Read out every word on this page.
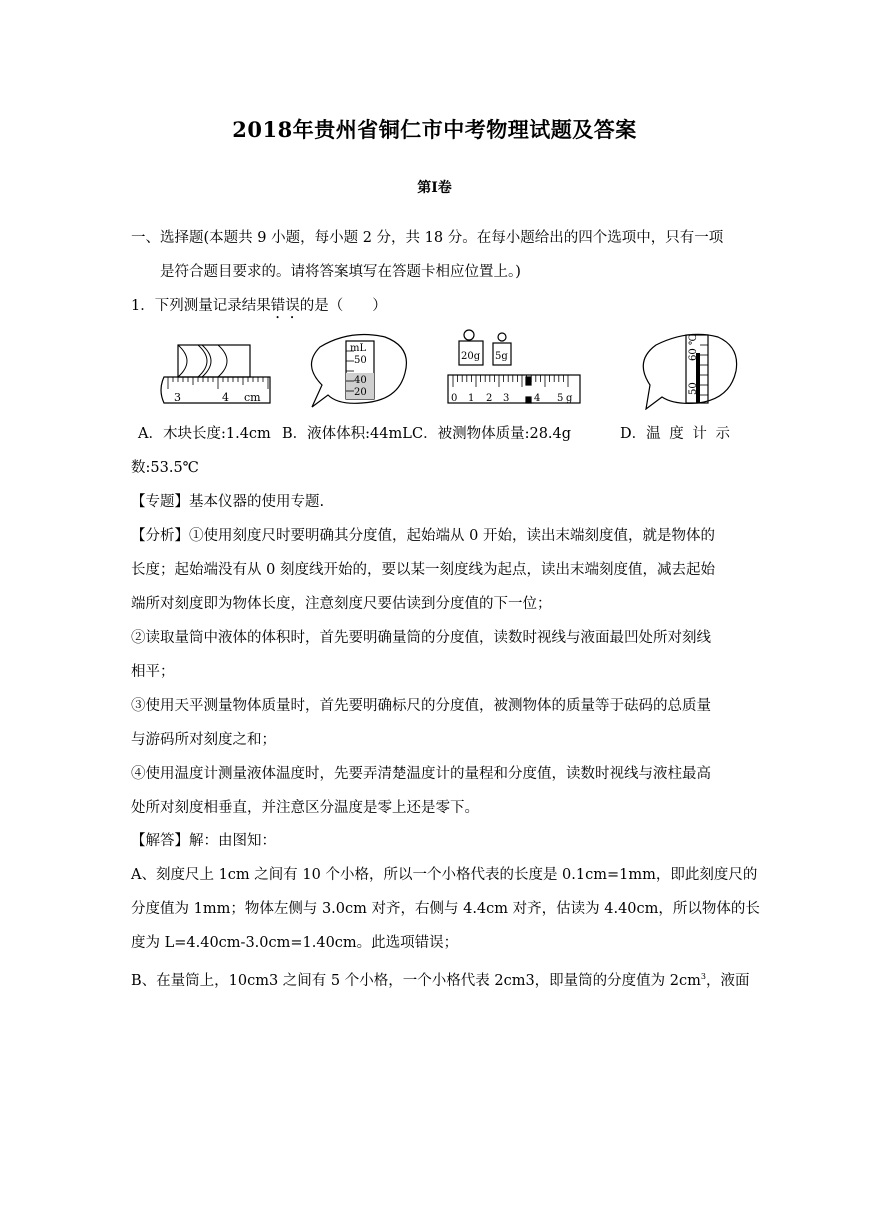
2018年贵州省铜仁市中考物理试题及答案
第Ⅰ卷
一、选择题(本题共 9 小题，每小题 2 分，共 18 分。在每小题给出的四个选项中，只有一项
是符合题目要求的。请将答案填写在答题卡相应位置上。)
1．下列测量记录结果错误的是（　　）
3	4 cm
mL
50
40
20
20g 5g
0 1 2 3 4 5 g
50
60
℃
A．木块长度:1.4cm B．液体体积:44mL C．被测物体质量:28.4g	D．温 度 计 示
数:53.5℃
【专题】基本仪器的使用专题.
【分析】①使用刻度尺时要明确其分度值，起始端从 0 开始，读出末端刻度值，就是物体的
长度；起始端没有从 0 刻度线开始的，要以某一刻度线为起点，读出末端刻度值，减去起始
端所对刻度即为物体长度，注意刻度尺要估读到分度值的下一位；
②读取量筒中液体的体积时，首先要明确量筒的分度值，读数时视线与液面最凹处所对刻线
相平；
③使用天平测量物体质量时，首先要明确标尺的分度值，被测物体的质量等于砝码的总质量
与游码所对刻度之和；
④使用温度计测量液体温度时，先要弄清楚温度计的量程和分度值，读数时视线与液柱最高
处所对刻度相垂直，并注意区分温度是零上还是零下。
【解答】解：由图知：
A、刻度尺上 1cm 之间有 10 个小格，所以一个小格代表的长度是 0.1cm=1mm，即此刻度尺的
分度值为 1mm；物体左侧与 3.0cm 对齐，右侧与 4.4cm 对齐，估读为 4.40cm，所以物体的长
度为 L=4.40cm-3.0cm=1.40cm。此选项错误；
B、在量筒上，10cm3 之间有 5 个小格，一个小格代表 2cm3，即量筒的分度值为 $2cm^3$，液面
